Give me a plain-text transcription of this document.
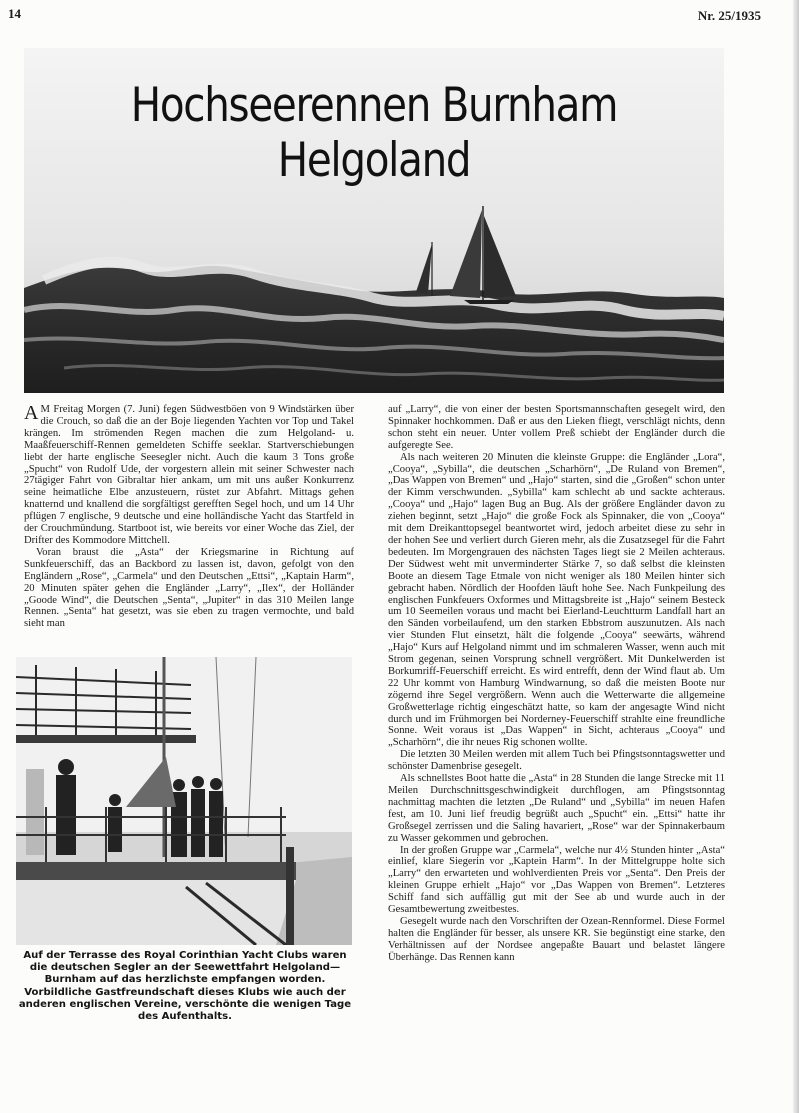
14	Nr. 25/1935
Hochseerennen Burnham Helgoland

A M Freitag Morgen (7. Juni) fegen Südwestböen von 9 Windstärken über die Crouch, so daß die an der Boje liegenden Yachten vor Top und Takel krängen. Im strömenden Regen machen die zum Helgoland- u. Maaßfeuerschiff-Rennen gemeldeten Schiffe seeklar. Startverschiebungen liebt der harte englische Seesegler nicht. Auch die kaum 3 Tons große „Spucht“ von Rudolf Ude, der vorgestern allein mit seiner Schwester nach 27tägiger Fahrt von Gibraltar hier ankam, um mit uns außer Konkurrenz seine heimatliche Elbe anzusteuern, rüstet zur Abfahrt. Mittags gehen knatternd und knallend die sorgfältigst gerefften Segel hoch, und um 14 Uhr pflügen 7 englische, 9 deutsche und eine holländische Yacht das Startfeld in der Crouchmündung. Startboot ist, wie bereits vor einer Woche das Ziel, der Drifter des Kommodore Mittchell.

Voran braust die „Asta“ der Kriegsmarine in Richtung auf Sunkfeuerschiff, das an Backbord zu lassen ist, davon, gefolgt von den Engländern „Rose“, „Carmela“ und den Deutschen „Ettsi“, „Kaptain Harm“, 20 Minuten später gehen die Engländer „Larry“, „Ilex“, der Holländer „Goode Wind“, die Deutschen „Senta“, „Jupiter“ in das 310 Meilen lange Rennen. „Senta“ hat gesetzt, was sie eben zu tragen vermochte, und bald sieht man

auf „Larry“, die von einer der besten Sportsmannschaften gesegelt wird, den Spinnaker hochkommen. Daß er aus den Lieken fliegt, verschlägt nichts, denn schon steht ein neuer. Unter vollem Preß schiebt der Engländer durch die aufgeregte See.

Als nach weiteren 20 Minuten die kleinste Gruppe: die Engländer „Lora“, „Cooya“, „Sybilla“, die deutschen „Scharhörn“, „De Ruland von Bremen“, „Das Wappen von Bremen“ und „Hajo“ starten, sind die „Großen“ schon unter der Kimm verschwunden. „Sybilla“ kam schlecht ab und sackte achteraus. „Cooya“ und „Hajo“ lagen Bug an Bug. Als der größere Engländer davon zu ziehen beginnt, setzt „Hajo“ die große Fock als Spinnaker, die von „Cooya“ mit dem Dreikanttopsegel beantwortet wird, jedoch arbeitet diese zu sehr in der hohen See und verliert durch Gieren mehr, als die Zusatzsegel für die Fahrt bedeuten. Im Morgengrauen des nächsten Tages liegt sie 2 Meilen achteraus. Der Südwest weht mit unverminderter Stärke 7, so daß selbst die kleinsten Boote an diesem Tage Etmale von nicht weniger als 180 Meilen hinter sich gebracht haben. Nördlich der Hoofden läuft hohe See. Nach Funkpeilung des englischen Funkfeuers Oxformes und Mittagsbreite ist „Hajo“ seinem Besteck um 10 Seemeilen voraus und macht bei Eierland-Leuchtturm Landfall hart an den Sänden vorbeilaufend, um den starken Ebbstrom auszunutzen. Als nach vier Stunden Flut einsetzt, hält die folgende „Cooya“ seewärts, während „Hajo“ Kurs auf Helgoland nimmt und im schmaleren Wasser, wenn auch mit Strom gegenan, seinen Vorsprung schnell vergrößert. Mit Dunkelwerden ist Borkumriff-Feuerschiff erreicht. Es wird entrefft, denn der Wind flaut ab. Um 22 Uhr kommt von Hamburg Windwarnung, so daß die meisten Boote nur zögernd ihre Segel vergrößern. Wenn auch die Wetterwarte die allgemeine Großwetterlage richtig eingeschätzt hatte, so kam der angesagte Wind nicht durch und im Frühmorgen bei Norderney-Feuerschiff strahlte eine freundliche Sonne. Weit voraus ist „Das Wappen“ in Sicht, achteraus „Cooya“ und „Scharhörn“, die ihr neues Rig schonen wollte.

Die letzten 30 Meilen werden mit allem Tuch bei Pfingstsonntagswetter und schönster Damenbrise gesegelt.

Als schnellstes Boot hatte die „Asta“ in 28 Stunden die lange Strecke mit 11 Meilen Durchschnittsgeschwindigkeit durchflogen, am Pfingstsonntag nachmittag machten die letzten „De Ruland“ und „Sybilla“ im neuen Hafen fest, am 10. Juni lief freudig begrüßt auch „Spucht“ ein. „Ettsi“ hatte ihr Großsegel zerrissen und die Saling havariert, „Rose“ war der Spinnakerbaum zu Wasser gekommen und gebrochen.

In der großen Gruppe war „Carmela“, welche nur 4½ Stunden hinter „Asta“ einlief, klare Siegerin vor „Kaptein Harm“. In der Mittelgruppe holte sich „Larry“ den erwarteten und wohlverdienten Preis vor „Senta“. Den Preis der kleinen Gruppe erhielt „Hajo“ vor „Das Wappen von Bremen“. Letzteres Schiff fand sich auffällig gut mit der See ab und wurde auch in der Gesamtbewertung zweitbestes.

Gesegelt wurde nach den Vorschriften der Ozean-Rennformel. Diese Formel halten die Engländer für besser, als unsere KR. Sie begünstigt eine starke, den Verhältnissen auf der Nordsee angepaßte Bauart und belastet längere Überhänge. Das Rennen kann

Auf der Terrasse des Royal Corinthian Yacht Clubs waren die deutschen Segler an der Seewettfahrt Helgoland—Burnham auf das herzlichste empfangen worden. Vorbildliche Gastfreundschaft dieses Klubs wie auch der anderen englischen Vereine, verschönte die wenigen Tage des Aufenthalts.
